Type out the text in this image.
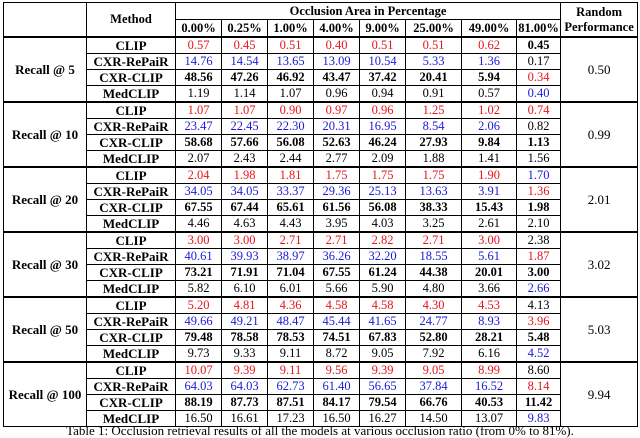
	Method	Occlusion Area in Percentage								Random
Performance
		0.00%	0.25%	1.00%	4.00%	9.00%	25.00%	49.00%	81.00%	
Recall @ 5	CLIP	0.57	0.45	0.51	0.40	0.51	0.51	0.62	0.45	0.50
	CXR-RePaiR	14.76	14.54	13.65	13.09	10.54	5.33	1.36	0.17	
	CXR-CLIP	48.56	47.26	46.92	43.47	37.42	20.41	5.94	0.34	
	MedCLIP	1.19	1.14	1.07	0.96	0.94	0.91	0.57	0.40	
Recall @ 10	CLIP	1.07	1.07	0.90	0.97	0.96	1.25	1.02	0.74	0.99
	CXR-RePaiR	23.47	22.45	22.30	20.31	16.95	8.54	2.06	0.82	
	CXR-CLIP	58.68	57.66	56.08	52.63	46.24	27.93	9.84	1.13	
	MedCLIP	2.07	2.43	2.44	2.77	2.09	1.88	1.41	1.56	
Recall @ 20	CLIP	2.04	1.98	1.81	1.75	1.75	1.75	1.90	1.70	2.01
	CXR-RePaiR	34.05	34.05	33.37	29.36	25.13	13.63	3.91	1.36	
	CXR-CLIP	67.55	67.44	65.61	61.56	56.08	38.33	15.43	1.98	
	MedCLIP	4.46	4.63	4.43	3.95	4.03	3.25	2.61	2.10	
Recall @ 30	CLIP	3.00	3.00	2.71	2.71	2.82	2.71	3.00	2.38	3.02
	CXR-RePaiR	40.61	39.93	38.97	36.26	32.20	18.55	5.61	1.87	
	CXR-CLIP	73.21	71.91	71.04	67.55	61.24	44.38	20.01	3.00	
	MedCLIP	5.82	6.10	6.01	5.66	5.90	4.80	3.66	2.66	
Recall @ 50	CLIP	5.20	4.81	4.36	4.58	4.58	4.30	4.53	4.13	5.03
	CXR-RePaiR	49.66	49.21	48.47	45.44	41.65	24.77	8.93	3.96	
	CXR-CLIP	79.48	78.58	78.53	74.51	67.83	52.80	28.21	5.48	
	MedCLIP	9.73	9.33	9.11	8.72	9.05	7.92	6.16	4.52	
Recall @ 100	CLIP	10.07	9.39	9.11	9.56	9.39	9.05	8.99	8.60	9.94
	CXR-RePaiR	64.03	64.03	62.73	61.40	56.65	37.84	16.52	8.14	
	CXR-CLIP	88.19	87.73	87.51	84.17	79.54	66.76	40.53	11.42	
	MedCLIP	16.50	16.61	17.23	16.50	16.27	14.50	13.07	9.83	
Table 1: Occlusion retrieval results of all the models at various occlusion ratio (from 0% to 81%).
